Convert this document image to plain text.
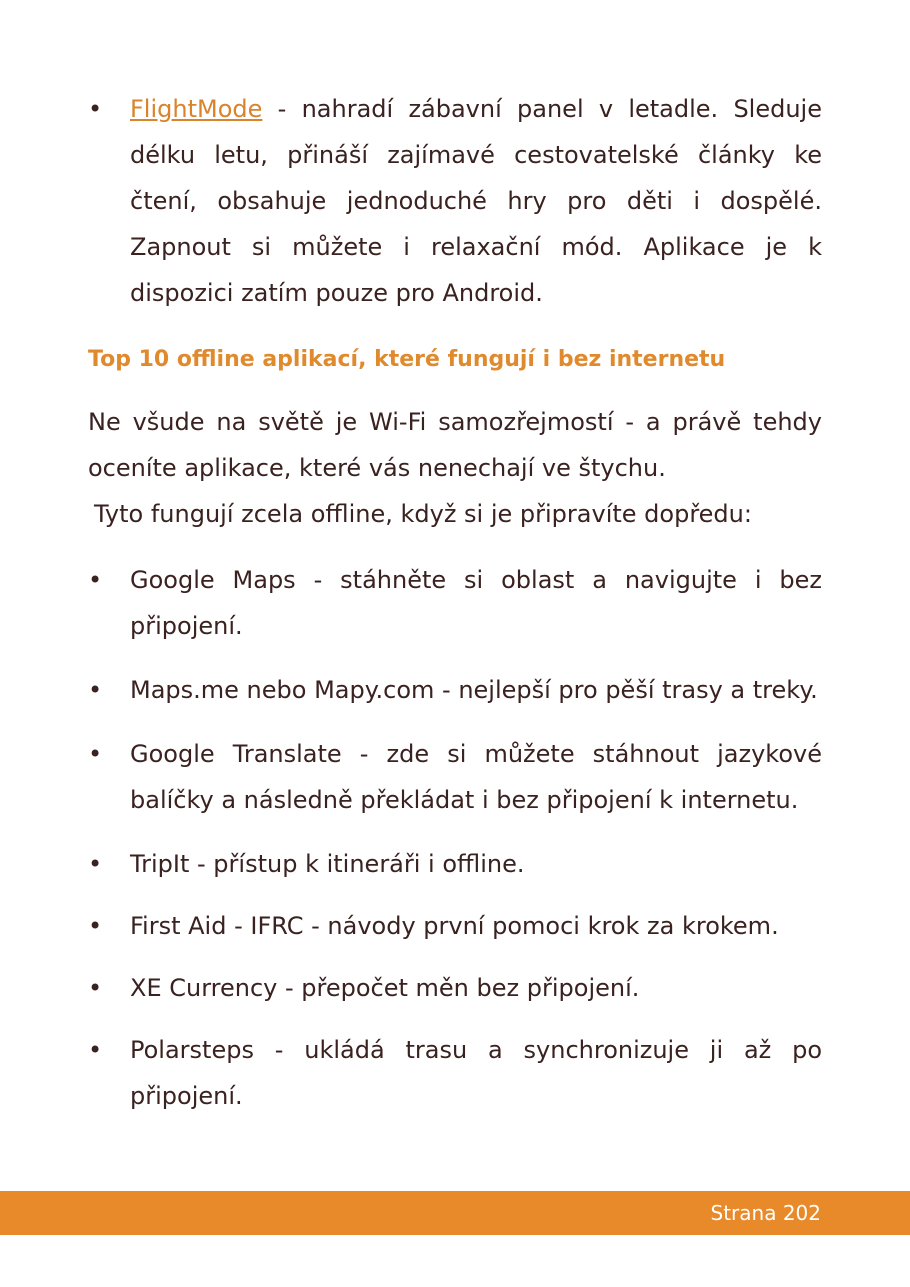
• FlightMode - nahradí zábavní panel v letadle. Sleduje délku letu, přináší zajímavé cestovatelské články ke čtení, obsahuje jednoduché hry pro děti i dospělé. Zapnout si můžete i relaxační mód. Aplikace je k dispozici zatím pouze pro Android.
Top 10 offline aplikací, které fungují i bez internetu

Ne všude na světě je Wi-Fi samozřejmostí - a právě tehdy oceníte aplikace, které vás nenechají ve štychu.

Tyto fungují zcela offline, když si je připravíte dopředu:

• Google Maps - stáhněte si oblast a navigujte i bez připojení.
• Maps.me nebo Mapy.com - nejlepší pro pěší trasy a treky.
• Google Translate - zde si můžete stáhnout jazykové balíčky a následně překládat i bez připojení k internetu.
• TripIt - přístup k itineráři i offline.
• First Aid - IFRC - návody první pomoci krok za krokem.
• XE Currency - přepočet měn bez připojení.
• Polarsteps - ukládá trasu a synchronizuje ji až po připojení.
Strana 202
